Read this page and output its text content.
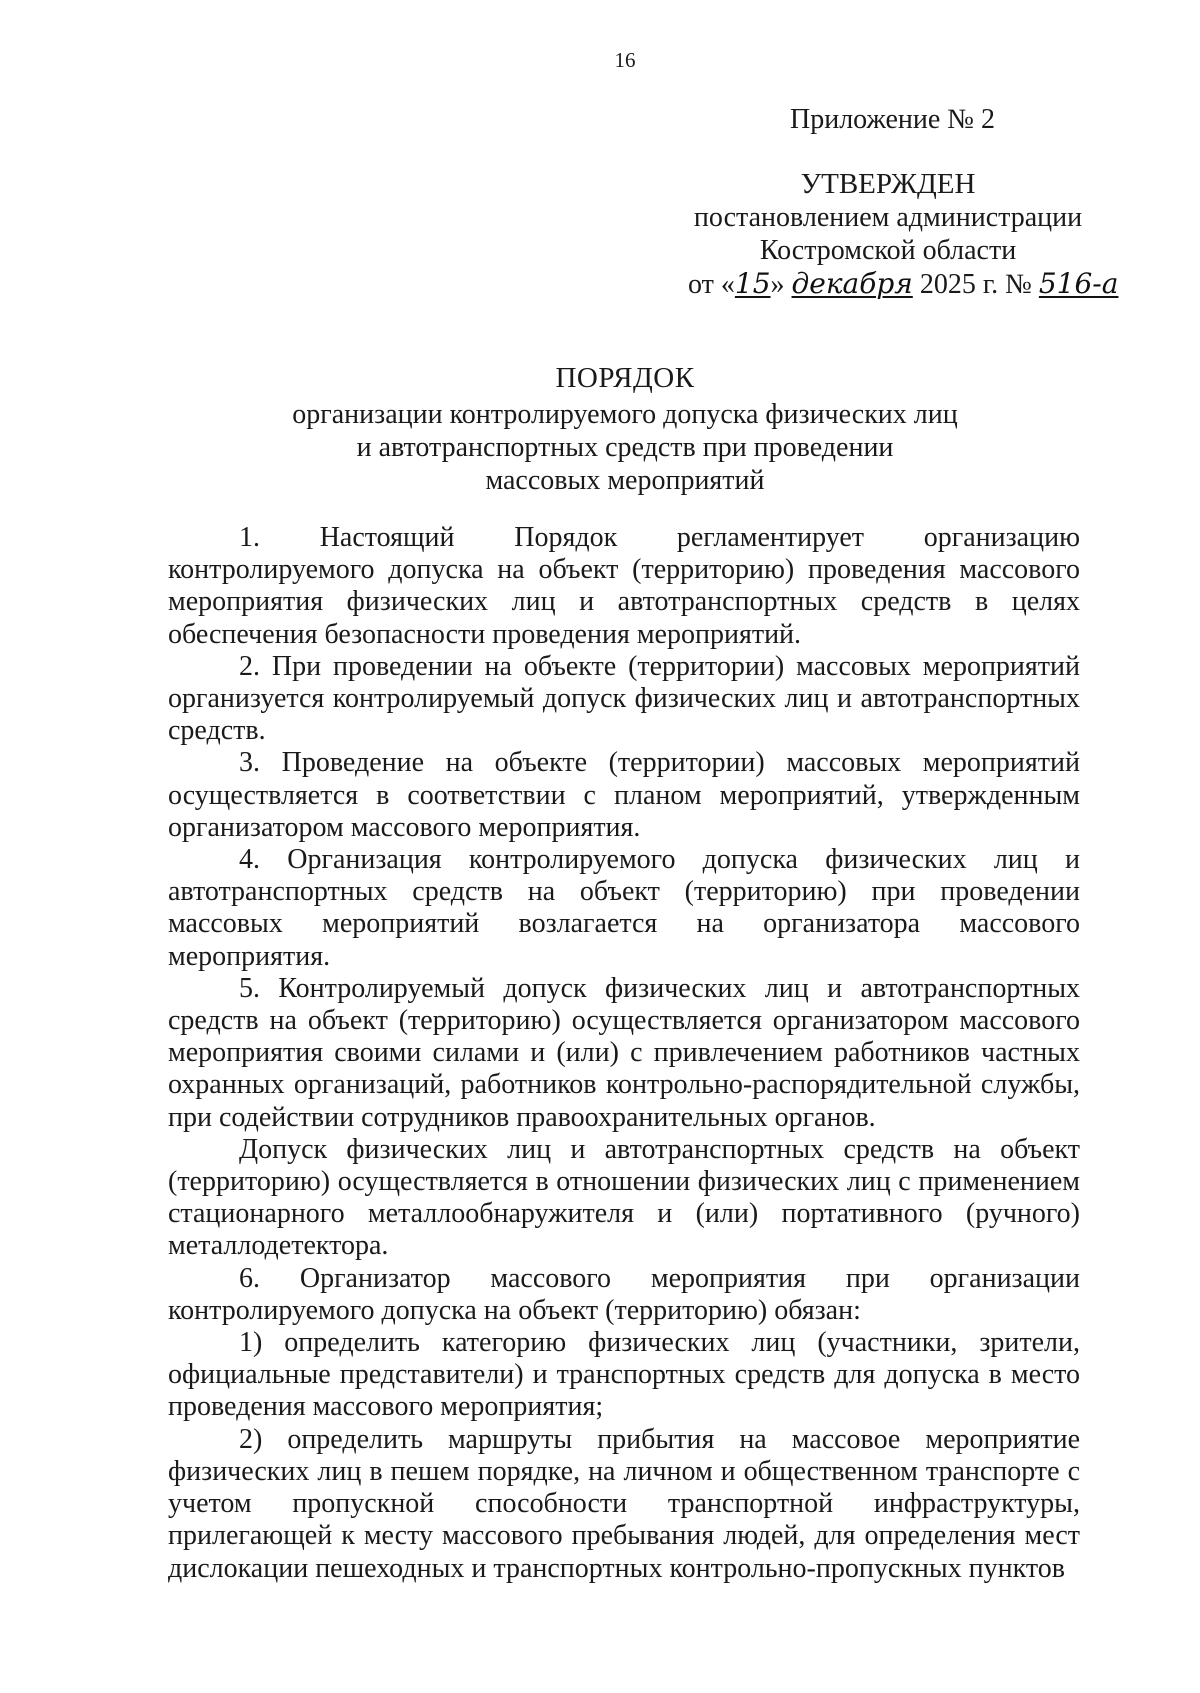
16
Приложение № 2
УТВЕРЖДЕН
постановлением администрации
Костромской области
от «15» декабря 2025 г. № 516-а
ПОРЯДОК
организации контролируемого допуска физических лиц
и автотранспортных средств при проведении
массовых мероприятий

1. Настоящий Порядок регламентирует организацию контролируемого допуска на объект (территорию) проведения массового мероприятия физических лиц и автотранспортных средств в целях обеспечения безопасности проведения мероприятий.

2. При проведении на объекте (территории) массовых мероприятий организуется контролируемый допуск физических лиц и автотранспортных средств.

3. Проведение на объекте (территории) массовых мероприятий осуществляется в соответствии с планом мероприятий, утвержденным организатором массового мероприятия.

4. Организация контролируемого допуска физических лиц и автотранспортных средств на объект (территорию) при проведении массовых мероприятий возлагается на организатора массового мероприятия.

5. Контролируемый допуск физических лиц и автотранспортных средств на объект (территорию) осуществляется организатором массового мероприятия своими силами и (или) с привлечением работников частных охранных организаций, работников контрольно-распорядительной службы, при содействии сотрудников правоохранительных органов.

Допуск физических лиц и автотранспортных средств на объект (территорию) осуществляется в отношении физических лиц с применением стационарного металлообнаружителя и (или) портативного (ручного) металлодетектора.

6. Организатор массового мероприятия при организации контролируемого допуска на объект (территорию) обязан:

1) определить категорию физических лиц (участники, зрители, официальные представители) и транспортных средств для допуска в место проведения массового мероприятия;

2) определить маршруты прибытия на массовое мероприятие физических лиц в пешем порядке, на личном и общественном транспорте с учетом пропускной способности транспортной инфраструктуры, прилегающей к месту массового пребывания людей, для определения мест дислокации пешеходных и транспортных контрольно-пропускных пунктов
